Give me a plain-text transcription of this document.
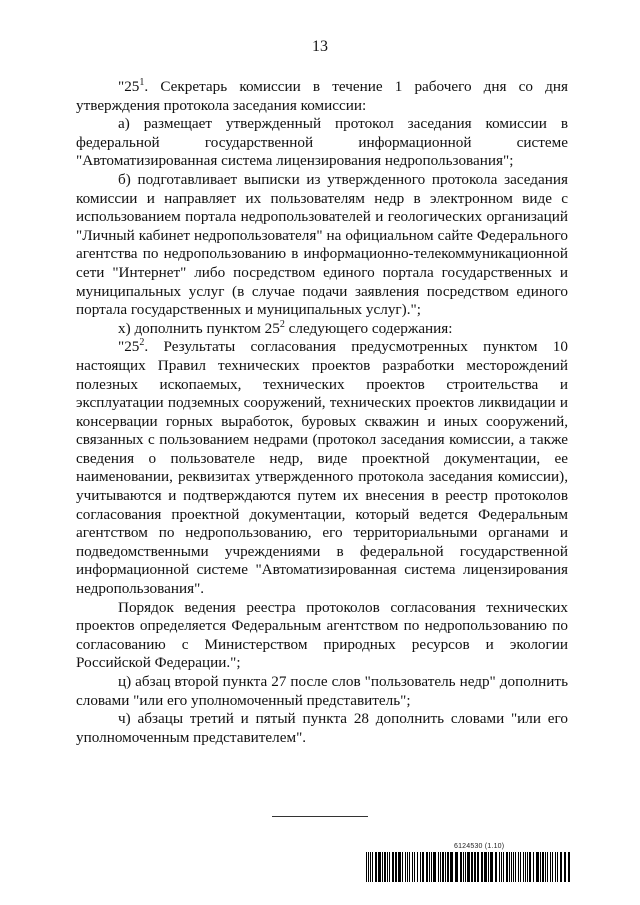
13

"$25^1$. Секретарь комиссии в течение 1 рабочего дня со дня утверждения протокола заседания комиссии:

а) размещает утвержденный протокол заседания комиссии в федеральной государственной информационной системе "Автоматизированная система лицензирования недропользования";

б) подготавливает выписки из утвержденного протокола заседания комиссии и направляет их пользователям недр в электронном виде с использованием портала недропользователей и геологических организаций "Личный кабинет недропользователя" на официальном сайте Федерального агентства по недропользованию в информационно-телекоммуникационной сети "Интернет" либо посредством единого портала государственных и муниципальных услуг (в случае подачи заявления посредством единого портала государственных и муниципальных услуг).";

х) дополнить пунктом $25^2$ следующего содержания:

"$25^2$. Результаты согласования предусмотренных пунктом 10 настоящих Правил технических проектов разработки месторождений полезных ископаемых, технических проектов строительства и эксплуатации подземных сооружений, технических проектов ликвидации и консервации горных выработок, буровых скважин и иных сооружений, связанных с пользованием недрами (протокол заседания комиссии, а также сведения о пользователе недр, виде проектной документации, ее наименовании, реквизитах утвержденного протокола заседания комиссии), учитываются и подтверждаются путем их внесения в реестр протоколов согласования проектной документации, который ведется Федеральным агентством по недропользованию, его территориальными органами и подведомственными учреждениями в федеральной государственной информационной системе "Автоматизированная система лицензирования недропользования".

Порядок ведения реестра протоколов согласования технических проектов определяется Федеральным агентством по недропользованию по согласованию с Министерством природных ресурсов и экологии Российской Федерации.";

ц) абзац второй пункта 27 после слов "пользователь недр" дополнить словами "или его уполномоченный представитель";

ч) абзацы третий и пятый пункта 28 дополнить словами "или его уполномоченным представителем".

6124530 (1.10)
